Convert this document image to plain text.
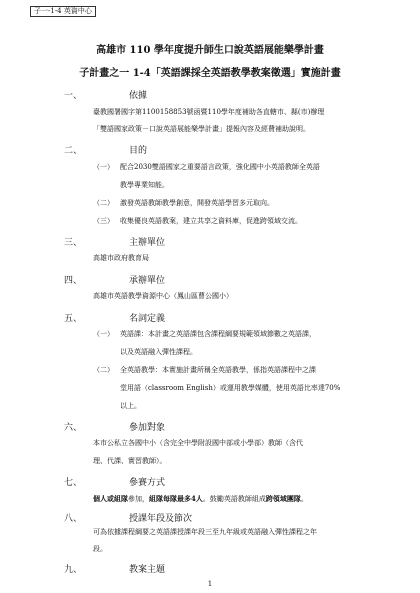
子一-1-4 英資中心
高雄市 110 學年度提升師生口說英語展能樂學計畫
子計畫之一 1-4「英語課採全英語教學教案徵選」實施計畫
一、	依據
臺教國署國字第1100158853號函暨110學年度補助各直轄市、縣(市)辦理
「雙語國家政策－口說英語展能樂學計畫」提報內容及經費補助說明。
二、	目的
（一） 配合2030雙語國家之重要語言政策，強化國中小英語教師全英語
教學專業知能。
（二） 激發英語教師教學創意，開發英語學習多元取向。
（三） 收集優良英語教案，建立共享之資料庫，促進跨領域交流。
三、	主辦單位
高雄市政府教育局
四、	承辦單位
高雄市英語教學資源中心（鳳山區曹公國小）
五、	名詞定義
（一） 英語課：本計畫之英語課包含課程綱要規範領域節數之英語課，
以及英語融入彈性課程。
（二） 全英語教學：本實施計畫所稱全英語教學，係指英語課程中之課
堂用語（classroom English）或運用教學媒體，使用英語比率達70%
以上。
六、	參加對象
本市公私立各國中小（含完全中學附設國中部或小學部）教師（含代
理、代課、實習教師）。
七、	參賽方式
個人或組隊參加，組隊每隊最多4人。鼓勵英語教師組成跨領域團隊。
八、	授課年段及節次
可為依據課程綱要之英語課授課年段三至九年級或英語融入彈性課程之年
段。
九、	教案主題
1
